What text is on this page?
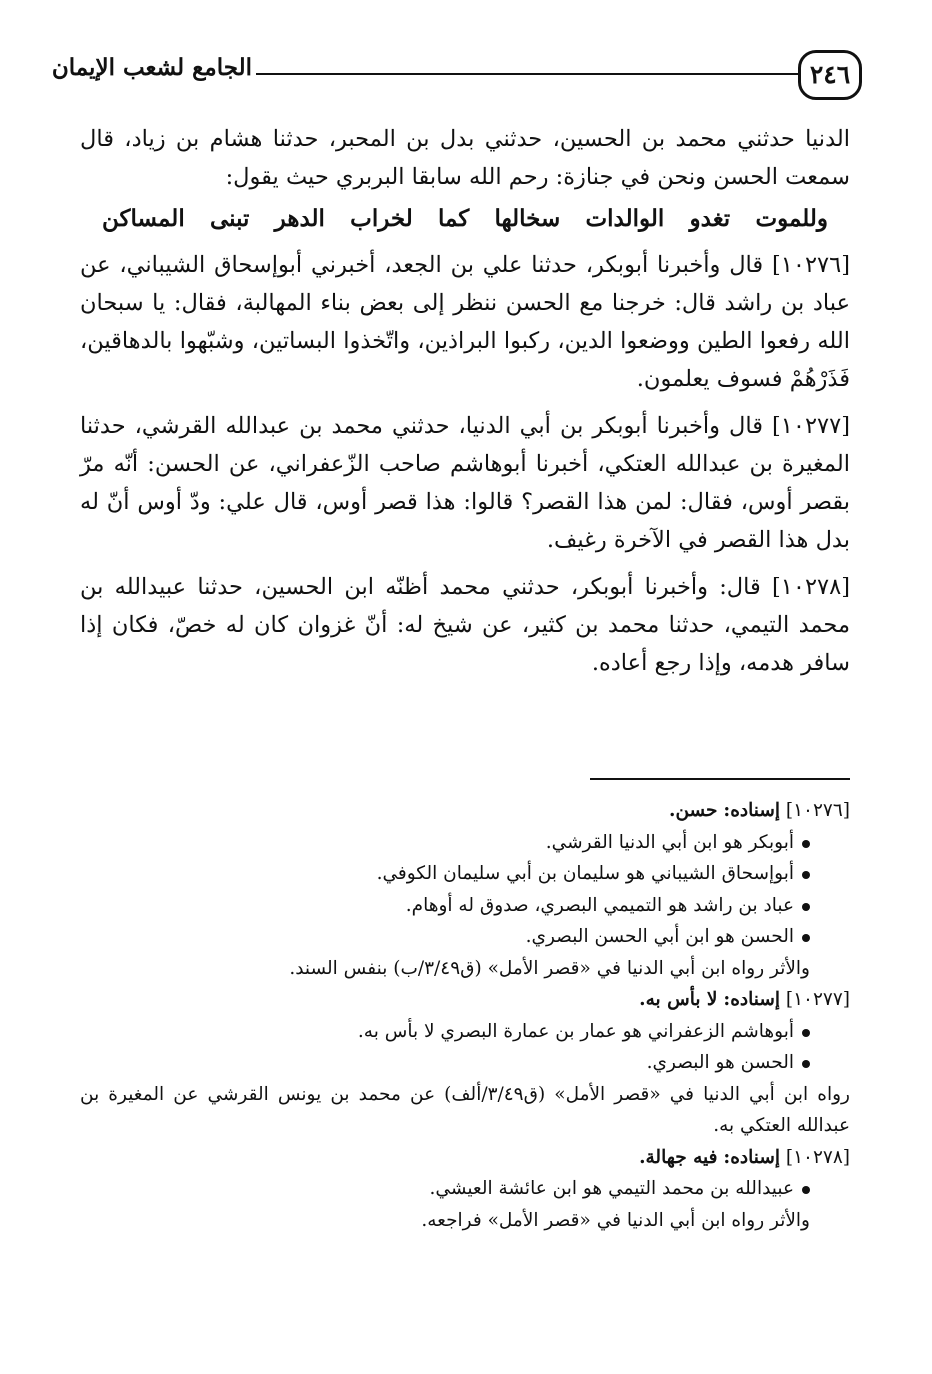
٢٤٦
الجامع لشعب الإيمان

الدنيا حدثني محمد بن الحسين، حدثني بدل بن المحبر، حدثنا هشام بن زياد، قال سمعت الحسن ونحن في جنازة: رحم الله سابقا البربري حيث يقول:

وللموت
تغدو
الوالدات
سخالها
كما
لخراب
الدهر
تبنى
المساكن

[١٠٢٧٦] قال وأخبرنا أبوبكر، حدثنا علي بن الجعد، أخبرني أبوإسحاق الشيباني، عن عباد بن راشد قال: خرجنا مع الحسن ننظر إلى بعض بناء المهالبة، فقال: يا سبحان الله رفعوا الطين ووضعوا الدين، ركبوا البراذين، واتّخذوا البساتين، وشبّهوا بالدهاقين، فَذَرْهُمْ فسوف يعلمون.

[١٠٢٧٧] قال وأخبرنا أبوبكر بن أبي الدنيا، حدثني محمد بن عبدالله القرشي، حدثنا المغيرة بن عبدالله العتكي، أخبرنا أبوهاشم صاحب الزّعفراني، عن الحسن: أنّه مرّ بقصر أوس، فقال: لمن هذا القصر؟ قالوا: هذا قصر أوس، قال علي: ودّ أوس أنّ له بدل هذا القصر في الآخرة رغيف.

[١٠٢٧٨] قال: وأخبرنا أبوبكر، حدثني محمد أظنّه ابن الحسين، حدثنا عبيدالله بن محمد التيمي، حدثنا محمد بن كثير، عن شيخ له: أنّ غزوان كان له خصّ، فكان إذا سافر هدمه، وإذا رجع أعاده.

[١٠٢٧٦] إسناده: حسن.

أبوبكر هو ابن أبي الدنيا القرشي.
أبوإسحاق الشيباني هو سليمان بن أبي سليمان الكوفي.
عباد بن راشد هو التميمي البصري، صدوق له أوهام.
الحسن هو ابن أبي الحسن البصري.

والأثر رواه ابن أبي الدنيا في «قصر الأمل» (ق٣/٤٩/ب) بنفس السند.

[١٠٢٧٧] إسناده: لا بأس به.

أبوهاشم الزعفراني هو عمار بن عمارة البصري لا بأس به.
الحسن هو البصري.

رواه ابن أبي الدنيا في «قصر الأمل» (ق٣/٤٩/ألف) عن محمد بن يونس القرشي عن المغيرة بن عبدالله العتكي به.

[١٠٢٧٨] إسناده: فيه جهالة.

عبيدالله بن محمد التيمي هو ابن عائشة العيشي.

والأثر رواه ابن أبي الدنيا في «قصر الأمل» فراجعه.
